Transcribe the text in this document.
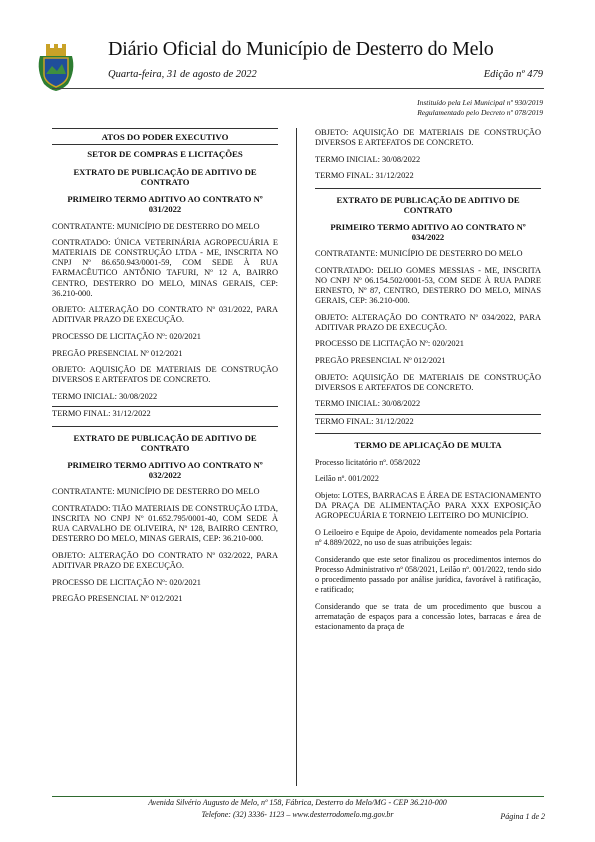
Diário Oficial do Município de Desterro do Melo
Quarta-feira, 31 de agosto de 2022	Edição nº 479
Instituído pela Lei Municipal nº 930/2019
Regulamentado pelo Decreto nº 078/2019
ATOS DO PODER EXECUTIVO
SETOR DE COMPRAS E LICITAÇÕES
EXTRATO DE PUBLICAÇÃO DE ADITIVO DE CONTRATO
PRIMEIRO TERMO ADITIVO AO CONTRATO Nº 031/2022

CONTRATANTE: MUNICÍPIO DE DESTERRO DO MELO

CONTRATADO: ÚNICA VETERINÁRIA AGROPECUÁRIA E MATERIAIS DE CONSTRUÇÃO LTDA - ME, INSCRITA NO CNPJ Nº 86.650.943/0001-59, COM SEDE À RUA FARMACÊUTICO ANTÔNIO TAFURI, Nº 12 A, BAIRRO CENTRO, DESTERRO DO MELO, MINAS GERAIS, CEP: 36.210-000.

OBJETO: ALTERAÇÃO DO CONTRATO Nº 031/2022, PARA ADITIVAR PRAZO DE EXECUÇÃO.

PROCESSO DE LICITAÇÃO Nº: 020/2021

PREGÃO PRESENCIAL Nº 012/2021

OBJETO: AQUISIÇÃO DE MATERIAIS DE CONSTRUÇÃO DIVERSOS E ARTEFATOS DE CONCRETO.

TERMO INICIAL: 30/08/2022

TERMO FINAL: 31/12/2022

EXTRATO DE PUBLICAÇÃO DE ADITIVO DE CONTRATO
PRIMEIRO TERMO ADITIVO AO CONTRATO Nº 032/2022

CONTRATANTE: MUNICÍPIO DE DESTERRO DO MELO

CONTRATADO: TIÃO MATERIAIS DE CONSTRUÇÃO LTDA, INSCRITA NO CNPJ Nº 01.652.795/0001-40, COM SEDE À RUA CARVALHO DE OLIVEIRA, Nº 128, BAIRRO CENTRO, DESTERRO DO MELO, MINAS GERAIS, CEP: 36.210-000.

OBJETO: ALTERAÇÃO DO CONTRATO Nº 032/2022, PARA ADITIVAR PRAZO DE EXECUÇÃO.

PROCESSO DE LICITAÇÃO Nº: 020/2021

PREGÃO PRESENCIAL Nº 012/2021

OBJETO: AQUISIÇÃO DE MATERIAIS DE CONSTRUÇÃO DIVERSOS E ARTEFATOS DE CONCRETO.

TERMO INICIAL: 30/08/2022

TERMO FINAL: 31/12/2022

EXTRATO DE PUBLICAÇÃO DE ADITIVO DE CONTRATO
PRIMEIRO TERMO ADITIVO AO CONTRATO Nº 034/2022

CONTRATANTE: MUNICÍPIO DE DESTERRO DO MELO

CONTRATADO: DELIO GOMES MESSIAS - ME, INSCRITA NO CNPJ Nº 06.154.502/0001-53, COM SEDE À RUA PADRE ERNESTO, Nº 87, CENTRO, DESTERRO DO MELO, MINAS GERAIS, CEP: 36.210-000.

OBJETO: ALTERAÇÃO DO CONTRATO Nº 034/2022, PARA ADITIVAR PRAZO DE EXECUÇÃO.

PROCESSO DE LICITAÇÃO Nº: 020/2021

PREGÃO PRESENCIAL Nº 012/2021

OBJETO: AQUISIÇÃO DE MATERIAIS DE CONSTRUÇÃO DIVERSOS E ARTEFATOS DE CONCRETO.

TERMO INICIAL: 30/08/2022

TERMO FINAL: 31/12/2022

TERMO DE APLICAÇÃO DE MULTA

Processo licitatório nº. 058/2022

Leilão nº. 001/2022

Objeto: LOTES, BARRACAS E ÁREA DE ESTACIONAMENTO DA PRAÇA DE ALIMENTAÇÃO PARA XXX EXPOSIÇÃO AGROPECUÁRIA E TORNEIO LEITEIRO DO MUNICÍPIO.

O Leiloeiro e Equipe de Apoio, devidamente nomeados pela Portaria nº 4.889/2022, no uso de suas atribuições legais:

Considerando que este setor finalizou os procedimentos internos do Processo Administrativo nº 058/2021, Leilão nº. 001/2022, tendo sido o procedimento passado por análise jurídica, favorável à ratificação, e ratificado;

Considerando que se trata de um procedimento que buscou a arrematação de espaços para a concessão lotes, barracas e área de estacionamento da praça de

Avenida Silvério Augusto de Melo, nº 158, Fábrica, Desterro do Melo/MG - CEP 36.210-000
Telefone: (32) 3336- 1123 – www.desterrodomelo.mg.gov.br	Página 1 de 2
